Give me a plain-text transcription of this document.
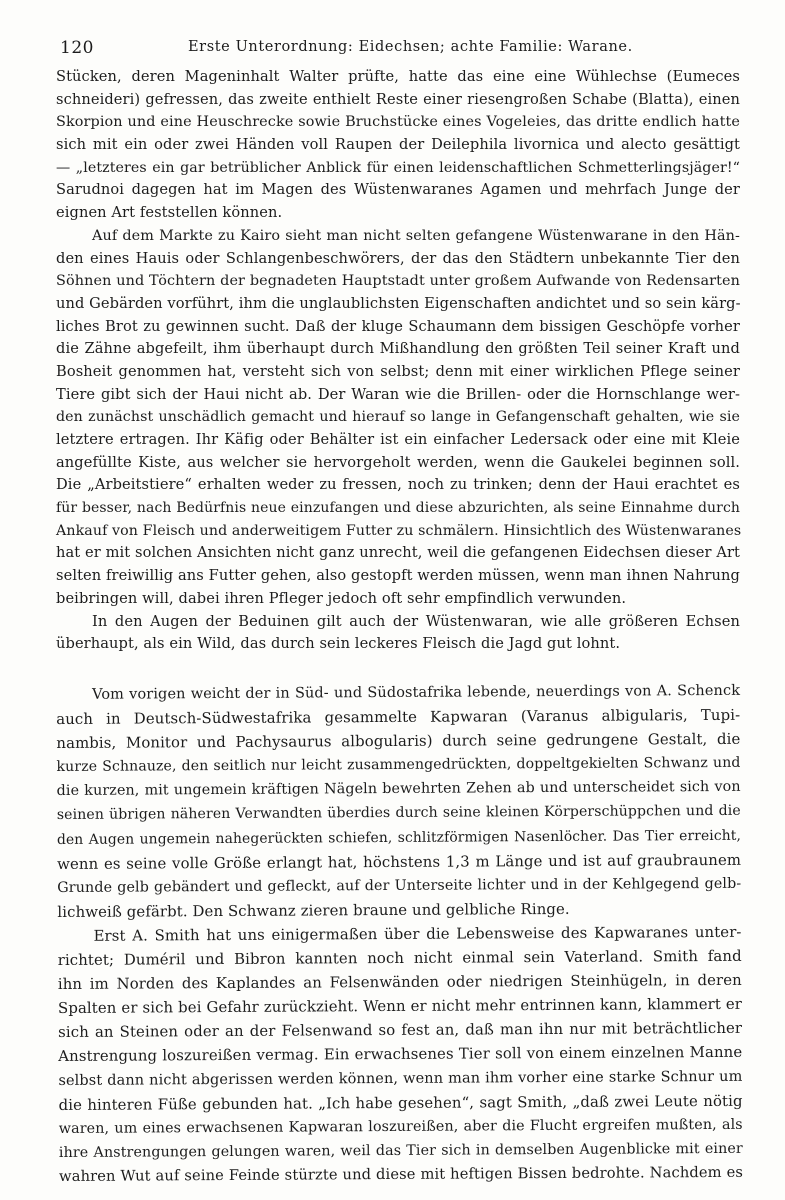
120	Erste Unterordnung: Eidechsen; achte Familie: Warane.
Stücken, deren Mageninhalt Walter prüfte, hatte das eine eine Wühlechse (Eumeces
schneideri) gefressen, das zweite enthielt Reste einer riesengroßen Schabe (Blatta), einen
Skorpion und eine Heuschrecke sowie Bruchstücke eines Vogeleies, das dritte endlich hatte
sich mit ein oder zwei Händen voll Raupen der Deilephila livornica und alecto gesättigt
— „letzteres ein gar betrüblicher Anblick für einen leidenschaftlichen Schmetterlingsjäger!“
Sarudnoi dagegen hat im Magen des Wüstenwaranes Agamen und mehrfach Junge der
eignen Art feststellen können.
Auf dem Markte zu Kairo sieht man nicht selten gefangene Wüstenwarane in den Hän-
den eines Hauis oder Schlangenbeschwörers, der das den Städtern unbekannte Tier den
Söhnen und Töchtern der begnadeten Hauptstadt unter großem Aufwande von Redensarten
und Gebärden vorführt, ihm die unglaublichsten Eigenschaften andichtet und so sein kärg-
liches Brot zu gewinnen sucht. Daß der kluge Schaumann dem bissigen Geschöpfe vorher
die Zähne abgefeilt, ihm überhaupt durch Mißhandlung den größten Teil seiner Kraft und
Bosheit genommen hat, versteht sich von selbst; denn mit einer wirklichen Pflege seiner
Tiere gibt sich der Haui nicht ab. Der Waran wie die Brillen- oder die Hornschlange wer-
den zunächst unschädlich gemacht und hierauf so lange in Gefangenschaft gehalten, wie sie
letztere ertragen. Ihr Käfig oder Behälter ist ein einfacher Ledersack oder eine mit Kleie
angefüllte Kiste, aus welcher sie hervorgeholt werden, wenn die Gaukelei beginnen soll.
Die „Arbeitstiere“ erhalten weder zu fressen, noch zu trinken; denn der Haui erachtet es
für besser, nach Bedürfnis neue einzufangen und diese abzurichten, als seine Einnahme durch
Ankauf von Fleisch und anderweitigem Futter zu schmälern. Hinsichtlich des Wüstenwaranes
hat er mit solchen Ansichten nicht ganz unrecht, weil die gefangenen Eidechsen dieser Art
selten freiwillig ans Futter gehen, also gestopft werden müssen, wenn man ihnen Nahrung
beibringen will, dabei ihren Pfleger jedoch oft sehr empfindlich verwunden.
In den Augen der Beduinen gilt auch der Wüstenwaran, wie alle größeren Echsen
überhaupt, als ein Wild, das durch sein leckeres Fleisch die Jagd gut lohnt.
Vom vorigen weicht der in Süd- und Südostafrika lebende, neuerdings von A. Schenck
auch in Deutsch-Südwestafrika gesammelte Kapwaran (Varanus albigularis, Tupi-
nambis, Monitor und Pachysaurus albogularis) durch seine gedrungene Gestalt, die
kurze Schnauze, den seitlich nur leicht zusammengedrückten, doppeltgekielten Schwanz und
die kurzen, mit ungemein kräftigen Nägeln bewehrten Zehen ab und unterscheidet sich von
seinen übrigen näheren Verwandten überdies durch seine kleinen Körperschüppchen und die
den Augen ungemein nahegerückten schiefen, schlitzförmigen Nasenlöcher. Das Tier erreicht,
wenn es seine volle Größe erlangt hat, höchstens 1,3 m Länge und ist auf graubraunem
Grunde gelb gebändert und gefleckt, auf der Unterseite lichter und in der Kehlgegend gelb-
lichweiß gefärbt. Den Schwanz zieren braune und gelbliche Ringe.
Erst A. Smith hat uns einigermaßen über die Lebensweise des Kapwaranes unter-
richtet; Duméril und Bibron kannten noch nicht einmal sein Vaterland. Smith fand
ihn im Norden des Kaplandes an Felsenwänden oder niedrigen Steinhügeln, in deren
Spalten er sich bei Gefahr zurückzieht. Wenn er nicht mehr entrinnen kann, klammert er
sich an Steinen oder an der Felsenwand so fest an, daß man ihn nur mit beträchtlicher
Anstrengung loszureißen vermag. Ein erwachsenes Tier soll von einem einzelnen Manne
selbst dann nicht abgerissen werden können, wenn man ihm vorher eine starke Schnur um
die hinteren Füße gebunden hat. „Ich habe gesehen“, sagt Smith, „daß zwei Leute nötig
waren, um eines erwachsenen Kapwaran loszureißen, aber die Flucht ergreifen mußten, als
ihre Anstrengungen gelungen waren, weil das Tier sich in demselben Augenblicke mit einer
wahren Wut auf seine Feinde stürzte und diese mit heftigen Bissen bedrohte. Nachdem es
